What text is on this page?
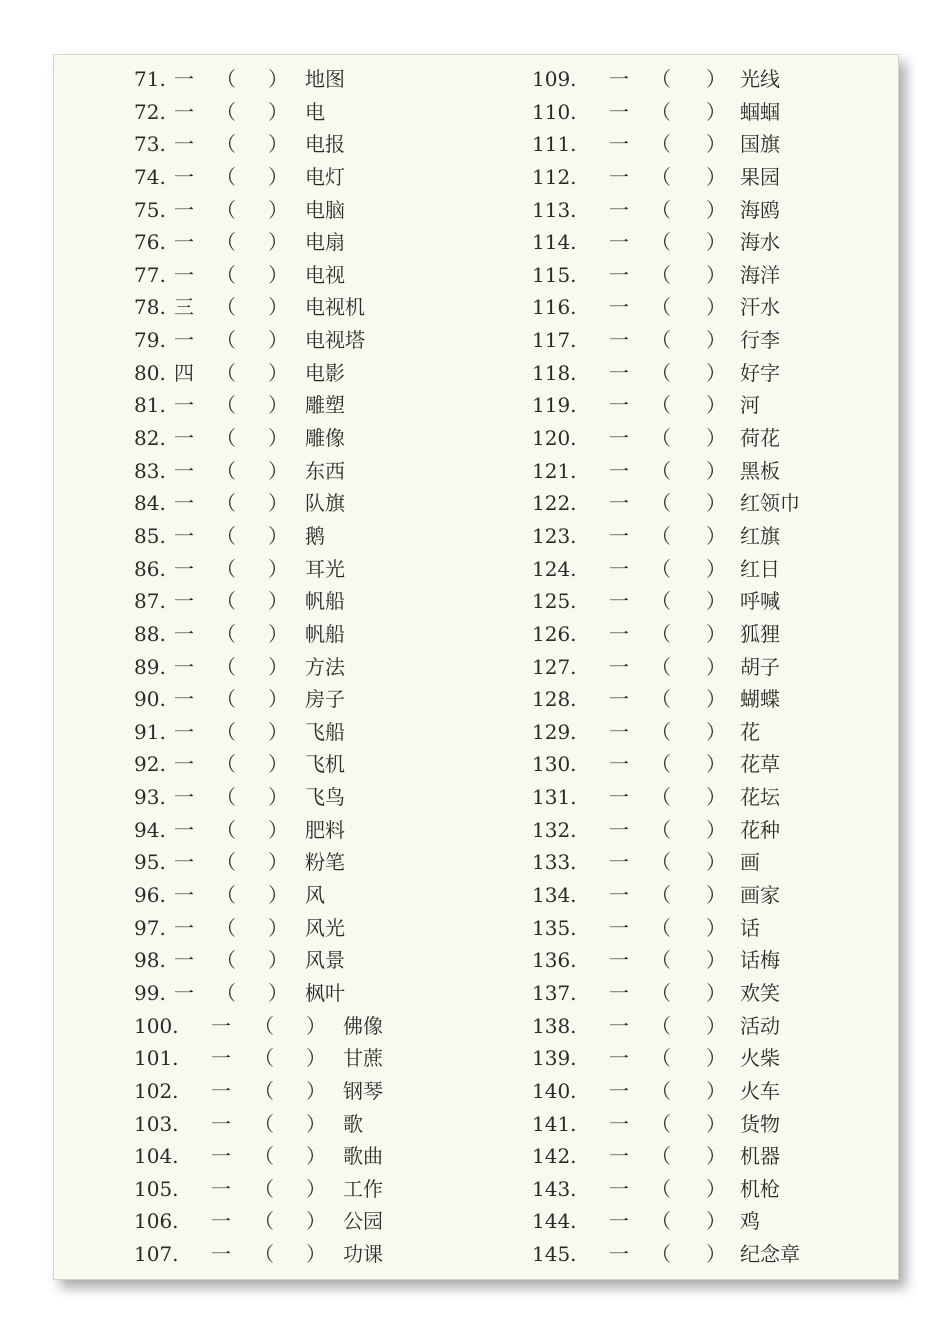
71. 一 （ ） 地图
72. 一 （ ） 电
73. 一 （ ） 电报
74. 一 （ ） 电灯
75. 一 （ ） 电脑
76. 一 （ ） 电扇
77. 一 （ ） 电视
78. 三 （ ） 电视机
79. 一 （ ） 电视塔
80. 四 （ ） 电影
81. 一 （ ） 雕塑
82. 一 （ ） 雕像
83. 一 （ ） 东西
84. 一 （ ） 队旗
85. 一 （ ） 鹅
86. 一 （ ） 耳光
87. 一 （ ） 帆船
88. 一 （ ） 帆船
89. 一 （ ） 方法
90. 一 （ ） 房子
91. 一 （ ） 飞船
92. 一 （ ） 飞机
93. 一 （ ） 飞鸟
94. 一 （ ） 肥料
95. 一 （ ） 粉笔
96. 一 （ ） 风
97. 一 （ ） 风光
98. 一 （ ） 风景
99. 一 （ ） 枫叶
100. 一 （ ） 佛像
101. 一 （ ） 甘蔗
102. 一 （ ） 钢琴
103. 一 （ ） 歌
104. 一 （ ） 歌曲
105. 一 （ ） 工作
106. 一 （ ） 公园
107. 一 （ ） 功课
109. 一 （ ） 光线
110. 一 （ ） 蝈蝈
111. 一 （ ） 国旗
112. 一 （ ） 果园
113. 一 （ ） 海鸥
114. 一 （ ） 海水
115. 一 （ ） 海洋
116. 一 （ ） 汗水
117. 一 （ ） 行李
118. 一 （ ） 好字
119. 一 （ ） 河
120. 一 （ ） 荷花
121. 一 （ ） 黑板
122. 一 （ ） 红领巾
123. 一 （ ） 红旗
124. 一 （ ） 红日
125. 一 （ ） 呼喊
126. 一 （ ） 狐狸
127. 一 （ ） 胡子
128. 一 （ ） 蝴蝶
129. 一 （ ） 花
130. 一 （ ） 花草
131. 一 （ ） 花坛
132. 一 （ ） 花种
133. 一 （ ） 画
134. 一 （ ） 画家
135. 一 （ ） 话
136. 一 （ ） 话梅
137. 一 （ ） 欢笑
138. 一 （ ） 活动
139. 一 （ ） 火柴
140. 一 （ ） 火车
141. 一 （ ） 货物
142. 一 （ ） 机器
143. 一 （ ） 机枪
144. 一 （ ） 鸡
145. 一 （ ） 纪念章
